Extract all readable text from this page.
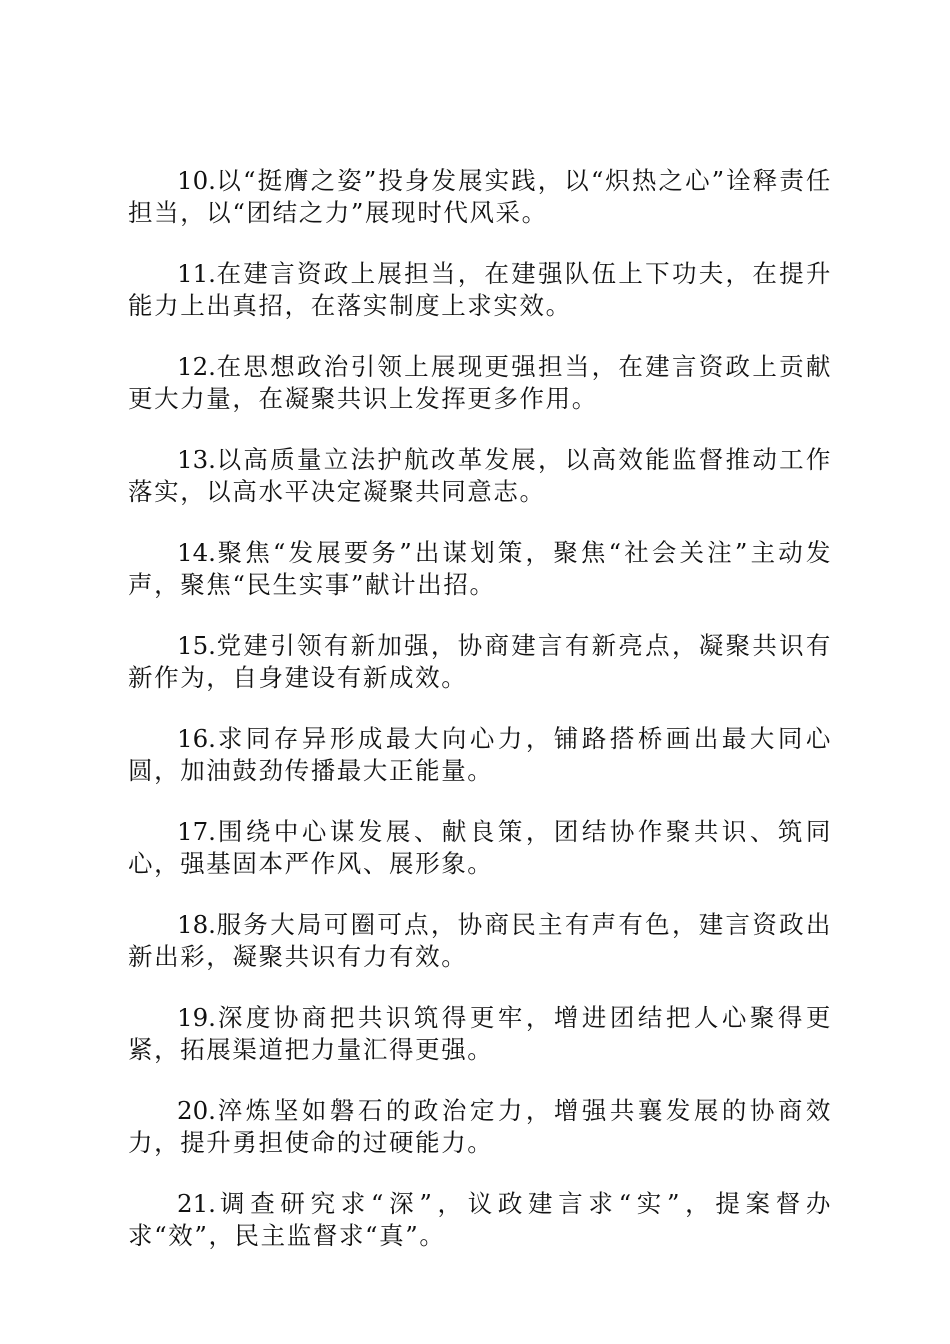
10.以“挺膺之姿”投身发展实践，以“炽热之心”诠释责任担当，以“团结之力”展现时代风采。

11.在建言资政上展担当，在建强队伍上下功夫，在提升能力上出真招，在落实制度上求实效。

12.在思想政治引领上展现更强担当，在建言资政上贡献更大力量，在凝聚共识上发挥更多作用。

13.以高质量立法护航改革发展，以高效能监督推动工作落实，以高水平决定凝聚共同意志。

14.聚焦“发展要务”出谋划策，聚焦“社会关注”主动发声，聚焦“民生实事”献计出招。

15.党建引领有新加强，协商建言有新亮点，凝聚共识有新作为，自身建设有新成效。

16.求同存异形成最大向心力，铺路搭桥画出最大同心圆，加油鼓劲传播最大正能量。

17.围绕中心谋发展、献良策，团结协作聚共识、筑同心，强基固本严作风、展形象。

18.服务大局可圈可点，协商民主有声有色，建言资政出新出彩，凝聚共识有力有效。

19.深度协商把共识筑得更牢，增进团结把人心聚得更紧，拓展渠道把力量汇得更强。

20.淬炼坚如磐石的政治定力，增强共襄发展的协商效力，提升勇担使命的过硬能力。

21.调查研究求“深”，议政建言求“实”，提案督办求“效”，民主监督求“真”。
